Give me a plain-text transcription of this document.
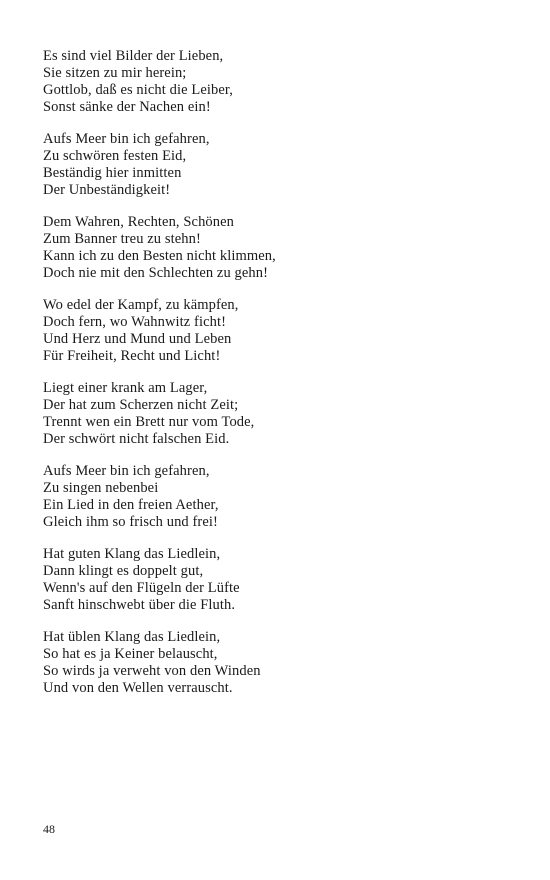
Es sind viel Bilder der Lieben,
Sie sitzen zu mir herein;
Gottlob, daß es nicht die Leiber,
Sonst sänke der Nachen ein!
Aufs Meer bin ich gefahren,
Zu schwören festen Eid,
Beständig hier inmitten
Der Unbeständigkeit!
Dem Wahren, Rechten, Schönen
Zum Banner treu zu stehn!
Kann ich zu den Besten nicht klimmen,
Doch nie mit den Schlechten zu gehn!
Wo edel der Kampf, zu kämpfen,
Doch fern, wo Wahnwitz ficht!
Und Herz und Mund und Leben
Für Freiheit, Recht und Licht!
Liegt einer krank am Lager,
Der hat zum Scherzen nicht Zeit;
Trennt wen ein Brett nur vom Tode,
Der schwört nicht falschen Eid.
Aufs Meer bin ich gefahren,
Zu singen nebenbei
Ein Lied in den freien Aether,
Gleich ihm so frisch und frei!
Hat guten Klang das Liedlein,
Dann klingt es doppelt gut,
Wenn's auf den Flügeln der Lüfte
Sanft hinschwebt über die Fluth.
Hat üblen Klang das Liedlein,
So hat es ja Keiner belauscht,
So wirds ja verweht von den Winden
Und von den Wellen verrauscht.
48
